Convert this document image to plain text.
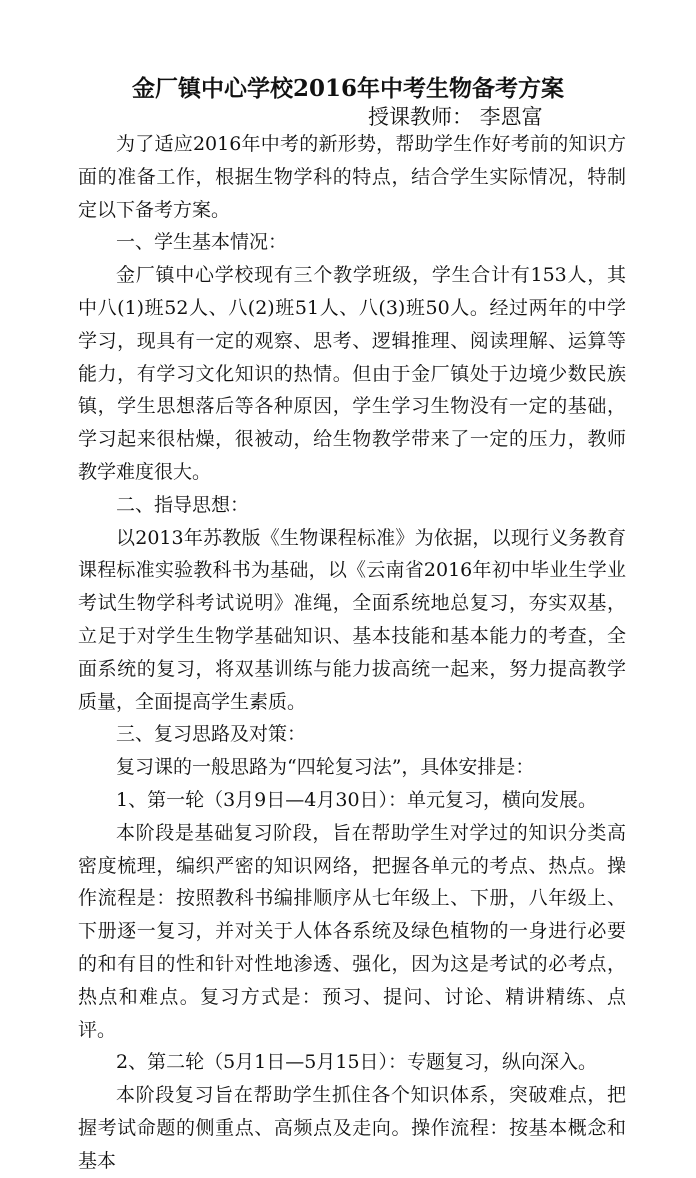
金厂镇中心学校2016年中考生物备考方案
授课教师： 李恩富

为了适应2016年中考的新形势，帮助学生作好考前的知识方面的准备工作，根据生物学科的特点，结合学生实际情况，特制定以下备考方案。

一、学生基本情况：

金厂镇中心学校现有三个教学班级，学生合计有153人，其中八(1)班52人、八(2)班51人、八(3)班50人。经过两年的中学学习，现具有一定的观察、思考、逻辑推理、阅读理解、运算等能力，有学习文化知识的热情。但由于金厂镇处于边境少数民族镇，学生思想落后等各种原因，学生学习生物没有一定的基础，学习起来很枯燥，很被动，给生物教学带来了一定的压力，教师教学难度很大。

二、指导思想：

以2013年苏教版《生物课程标准》为依据，以现行义务教育课程标准实验教科书为基础，以《云南省2016年初中毕业生学业考试生物学科考试说明》准绳，全面系统地总复习，夯实双基，立足于对学生生物学基础知识、基本技能和基本能力的考查，全面系统的复习，将双基训练与能力拔高统一起来，努力提高教学质量，全面提高学生素质。

三、复习思路及对策：

复习课的一般思路为“四轮复习法”，具体安排是：

1、第一轮（3月9日—4月30日）：单元复习，横向发展。

本阶段是基础复习阶段，旨在帮助学生对学过的知识分类高密度梳理，编织严密的知识网络，把握各单元的考点、热点。操作流程是：按照教科书编排顺序从七年级上、下册，八年级上、下册逐一复习，并对关于人体各系统及绿色植物的一身进行必要的和有目的性和针对性地渗透、强化，因为这是考试的必考点，热点和难点。复习方式是：预习、提问、讨论、精讲精练、点评。

2、第二轮（5月1日—5月15日）：专题复习，纵向深入。

本阶段复习旨在帮助学生抓住各个知识体系，突破难点，把握考试命题的侧重点、高频点及走向。操作流程：按基本概念和基本
